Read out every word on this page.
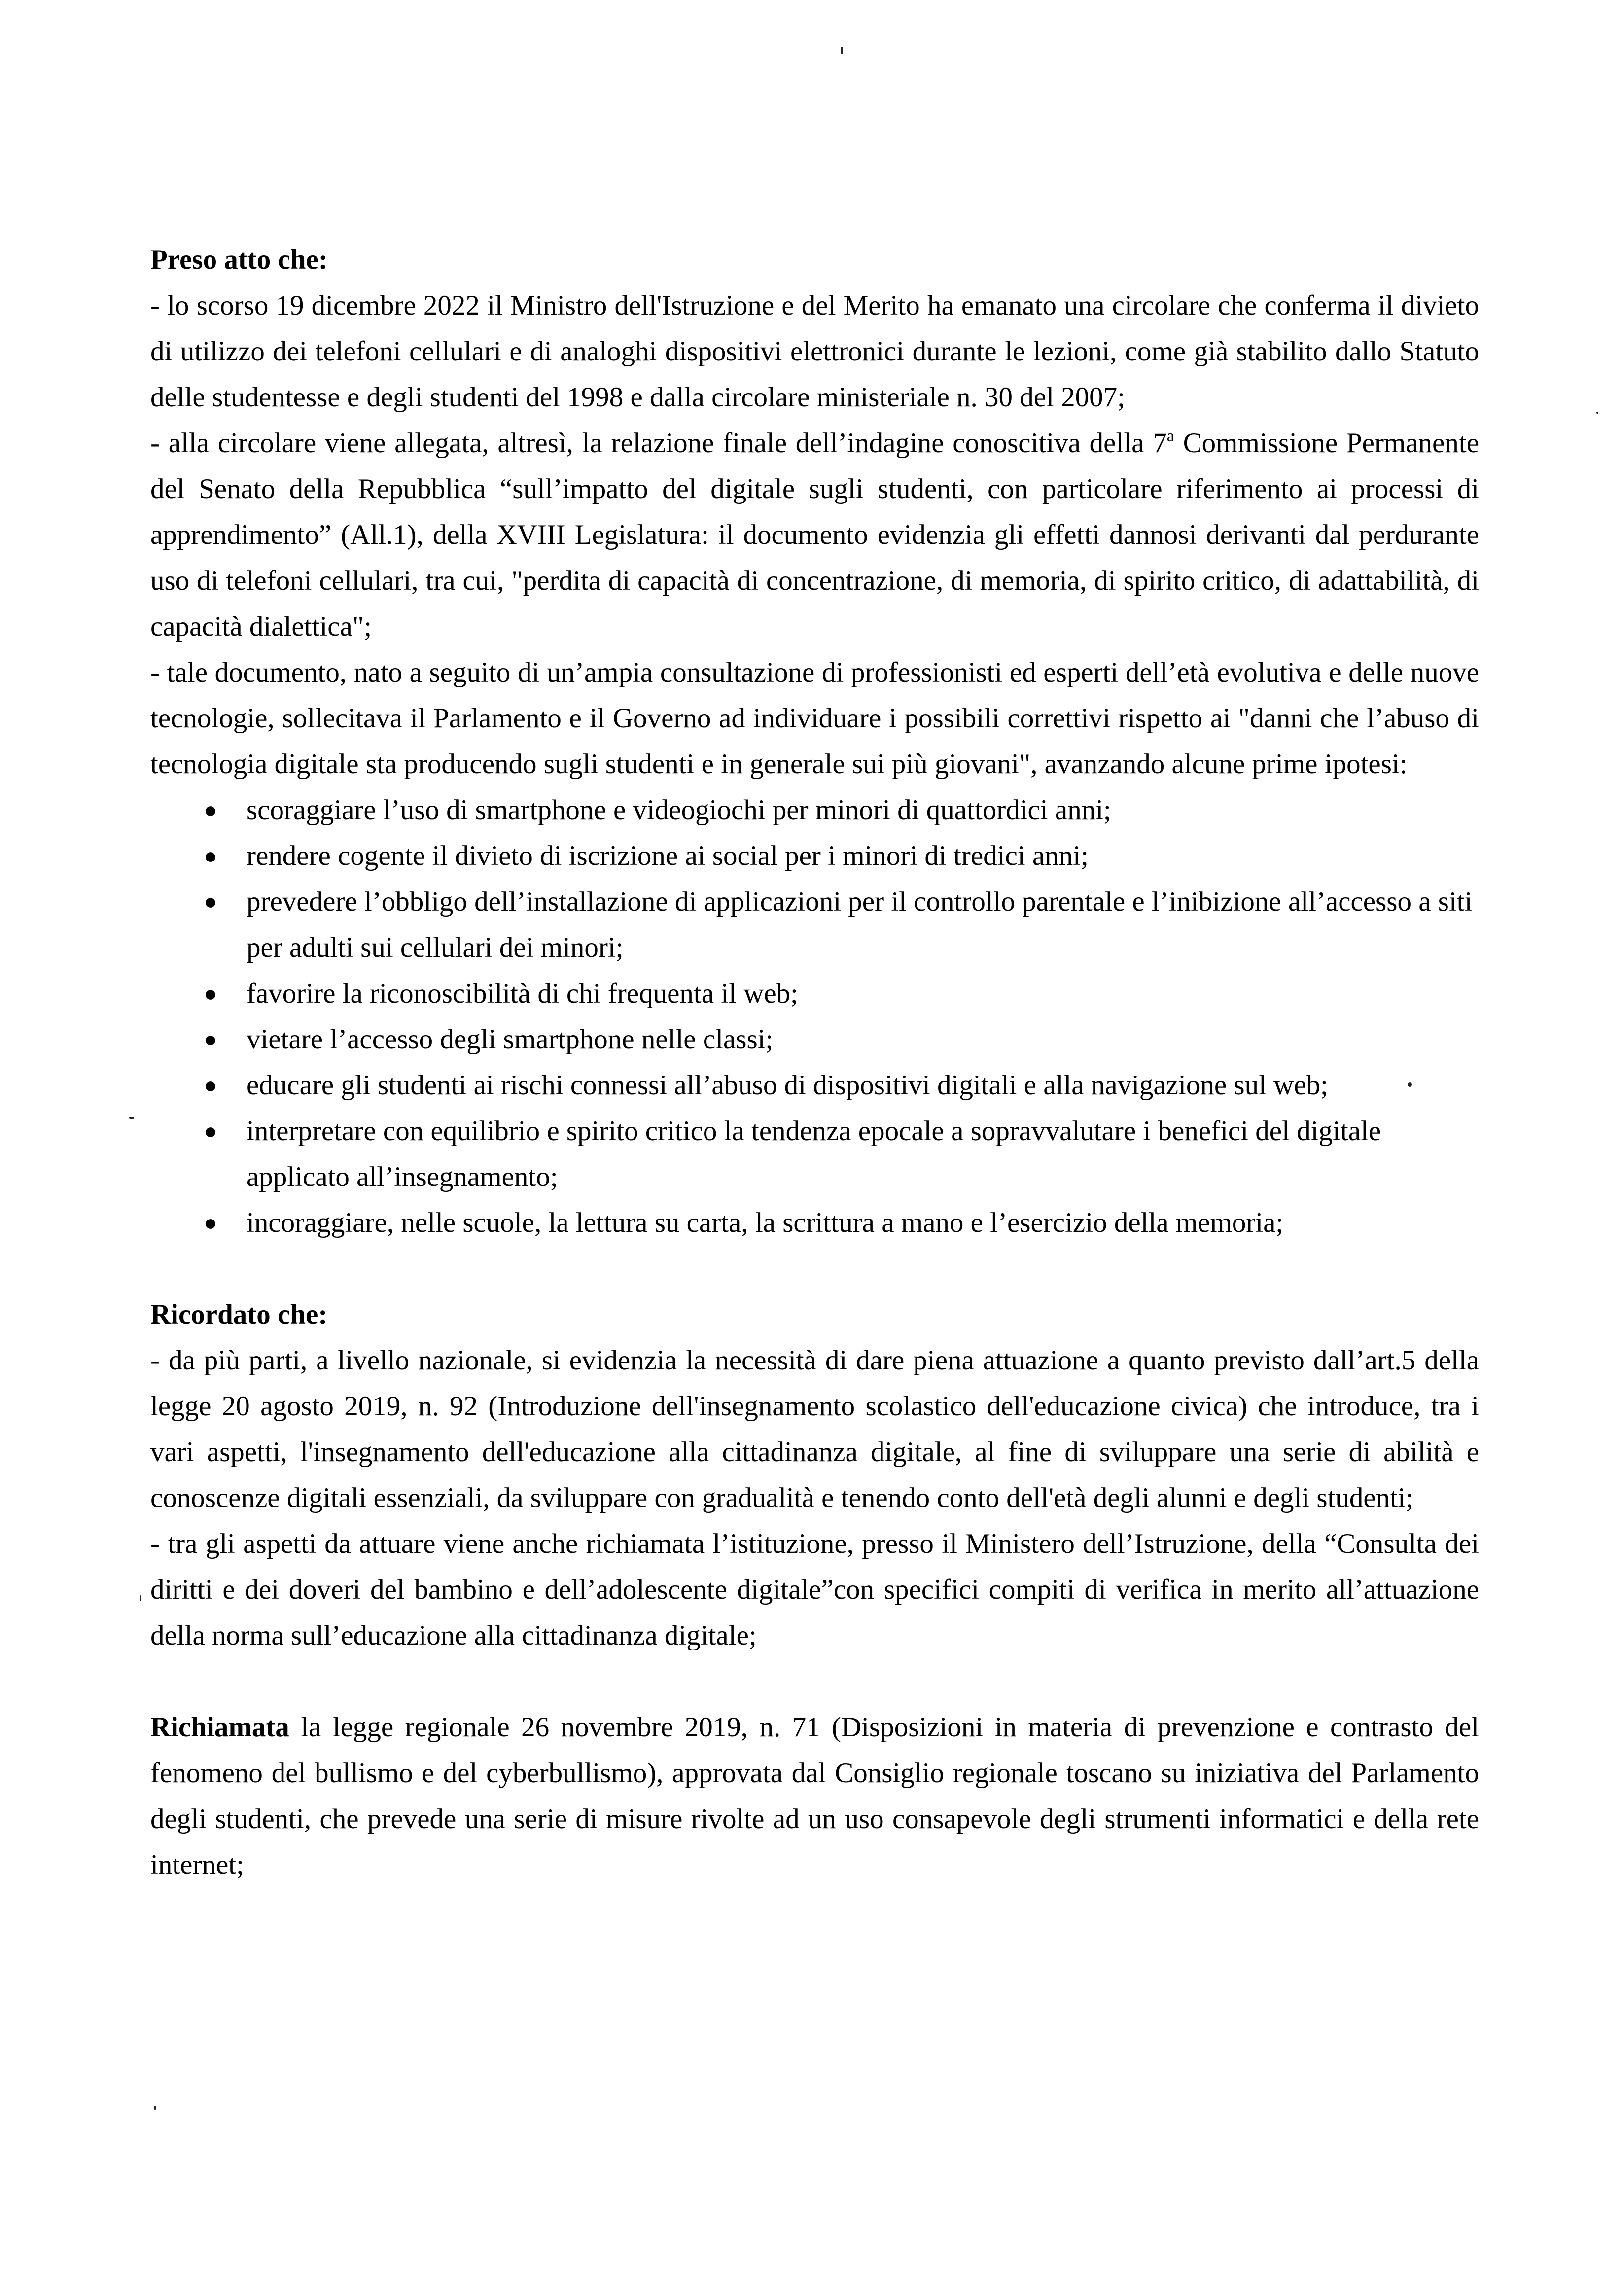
Preso atto che:

- lo scorso 19 dicembre 2022 il Ministro dell'Istruzione e del Merito ha emanato una circolare che conferma il divieto di utilizzo dei telefoni cellulari e di analoghi dispositivi elettronici durante le lezioni, come già stabilito dallo Statuto delle studentesse e degli studenti del 1998 e dalla circolare ministeriale n. 30 del 2007;

- alla circolare viene allegata, altresì, la relazione finale dell’indagine conoscitiva della 7$^a$ Commissione Permanente del Senato della Repubblica “sull’impatto del digitale sugli studenti, con particolare riferimento ai processi di apprendimento” (All.1), della XVIII Legislatura: il documento evidenzia gli effetti dannosi derivanti dal perdurante uso di telefoni cellulari, tra cui, "perdita di capacità di concentrazione, di memoria, di spirito critico, di adattabilità, di capacità dialettica";

- tale documento, nato a seguito di un’ampia consultazione di professionisti ed esperti dell’età evolutiva e delle nuove tecnologie, sollecitava il Parlamento e il Governo ad individuare i possibili correttivi rispetto ai "danni che l’abuso di tecnologia digitale sta producendo sugli studenti e in generale sui più giovani", avanzando alcune prime ipotesi:

● scoraggiare l’uso di smartphone e videogiochi per minori di quattordici anni;
● rendere cogente il divieto di iscrizione ai social per i minori di tredici anni;
● prevedere l’obbligo dell’installazione di applicazioni per il controllo parentale e l’inibizione all’accesso a siti per adulti sui cellulari dei minori;
● favorire la riconoscibilità di chi frequenta il web;
● vietare l’accesso degli smartphone nelle classi;
● educare gli studenti ai rischi connessi all’abuso di dispositivi digitali e alla navigazione sul web;
● interpretare con equilibrio e spirito critico la tendenza epocale a sopravvalutare i benefici del digitale applicato all’insegnamento;
● incoraggiare, nelle scuole, la lettura su carta, la scrittura a mano e l’esercizio della memoria;

Ricordato che:

- da più parti, a livello nazionale, si evidenzia la necessità di dare piena attuazione a quanto previsto dall’art.5 della legge 20 agosto 2019, n. 92 (Introduzione dell'insegnamento scolastico dell'educazione civica) che introduce, tra i vari aspetti, l'insegnamento dell'educazione alla cittadinanza digitale, al fine di sviluppare una serie di abilità e conoscenze digitali essenziali, da sviluppare con gradualità e tenendo conto dell'età degli alunni e degli studenti;

- tra gli aspetti da attuare viene anche richiamata l’istituzione, presso il Ministero dell’Istruzione, della “Consulta dei diritti e dei doveri del bambino e dell’adolescente digitale”con specifici compiti di verifica in merito all’attuazione della norma sull’educazione alla cittadinanza digitale;

Richiamata la legge regionale 26 novembre 2019, n. 71 (Disposizioni in materia di prevenzione e contrasto del fenomeno del bullismo e del cyberbullismo), approvata dal Consiglio regionale toscano su iniziativa del Parlamento degli studenti, che prevede una serie di misure rivolte ad un uso consapevole degli strumenti informatici e della rete internet;
